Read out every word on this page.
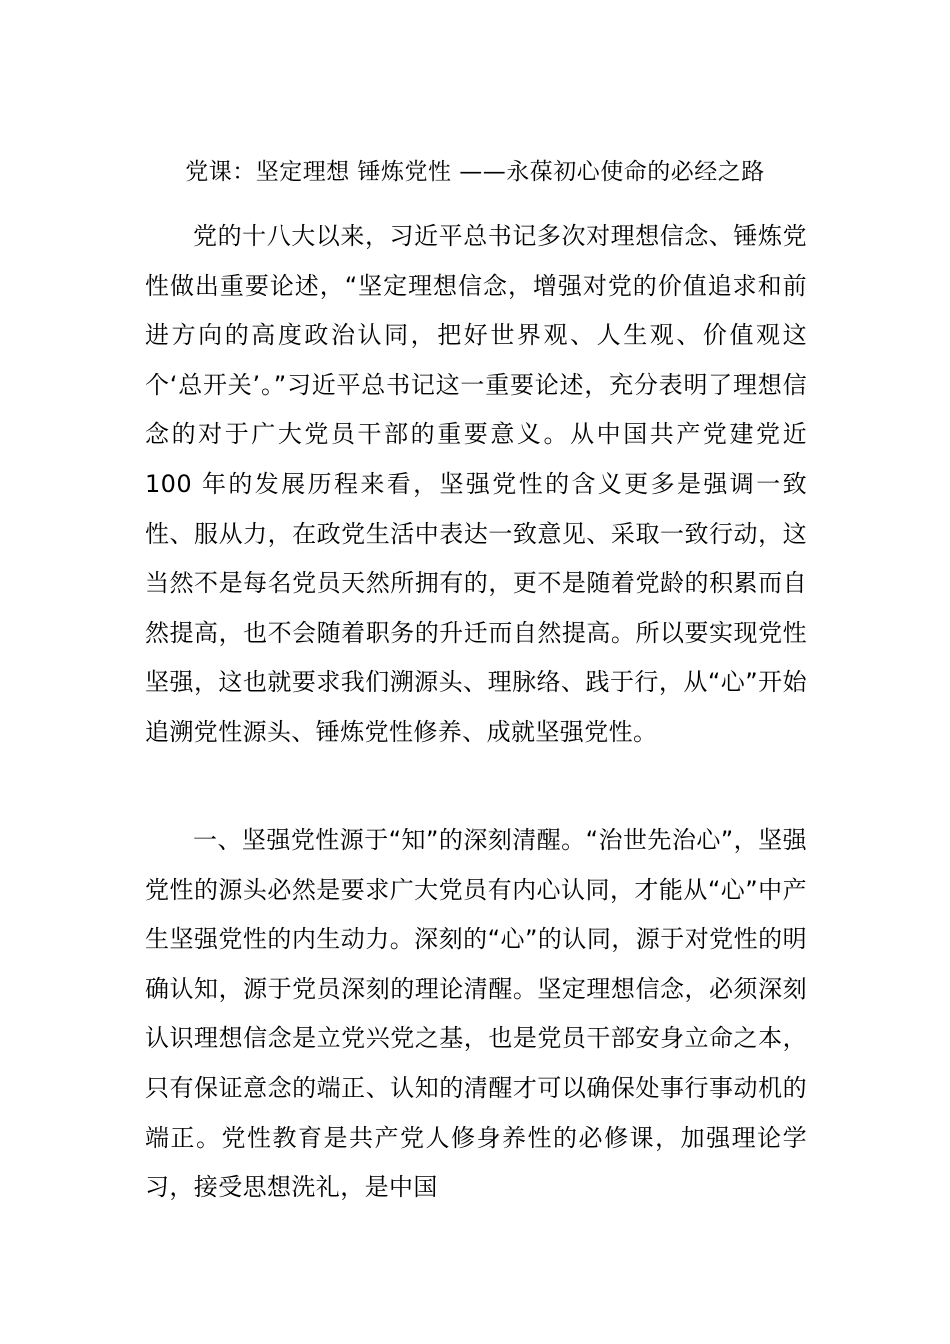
党课：坚定理想 锤炼党性 ——永葆初心使命的必经之路

党的十八大以来，习近平总书记多次对理想信念、锤炼党性做出重要论述，“坚定理想信念，增强对党的价值追求和前进方向的高度政治认同，把好世界观、人生观、价值观这个‘总开关’。”习近平总书记这一重要论述，充分表明了理想信念的对于广大党员干部的重要意义。从中国共产党建党近 100 年的发展历程来看，坚强党性的含义更多是强调一致性、服从力，在政党生活中表达一致意见、采取一致行动，这当然不是每名党员天然所拥有的，更不是随着党龄的积累而自然提高，也不会随着职务的升迁而自然提高。所以要实现党性坚强，这也就要求我们溯源头、理脉络、践于行，从“心”开始追溯党性源头、锤炼党性修养、成就坚强党性。

一、坚强党性源于“知”的深刻清醒。“治世先治心”，坚强党性的源头必然是要求广大党员有内心认同，才能从“心”中产生坚强党性的内生动力。深刻的“心”的认同，源于对党性的明确认知，源于党员深刻的理论清醒。坚定理想信念，必须深刻认识理想信念是立党兴党之基，也是党员干部安身立命之本，只有保证意念的端正、认知的清醒才可以确保处事行事动机的端正。党性教育是共产党人修身养性的必修课，加强理论学习，接受思想洗礼，是中国
